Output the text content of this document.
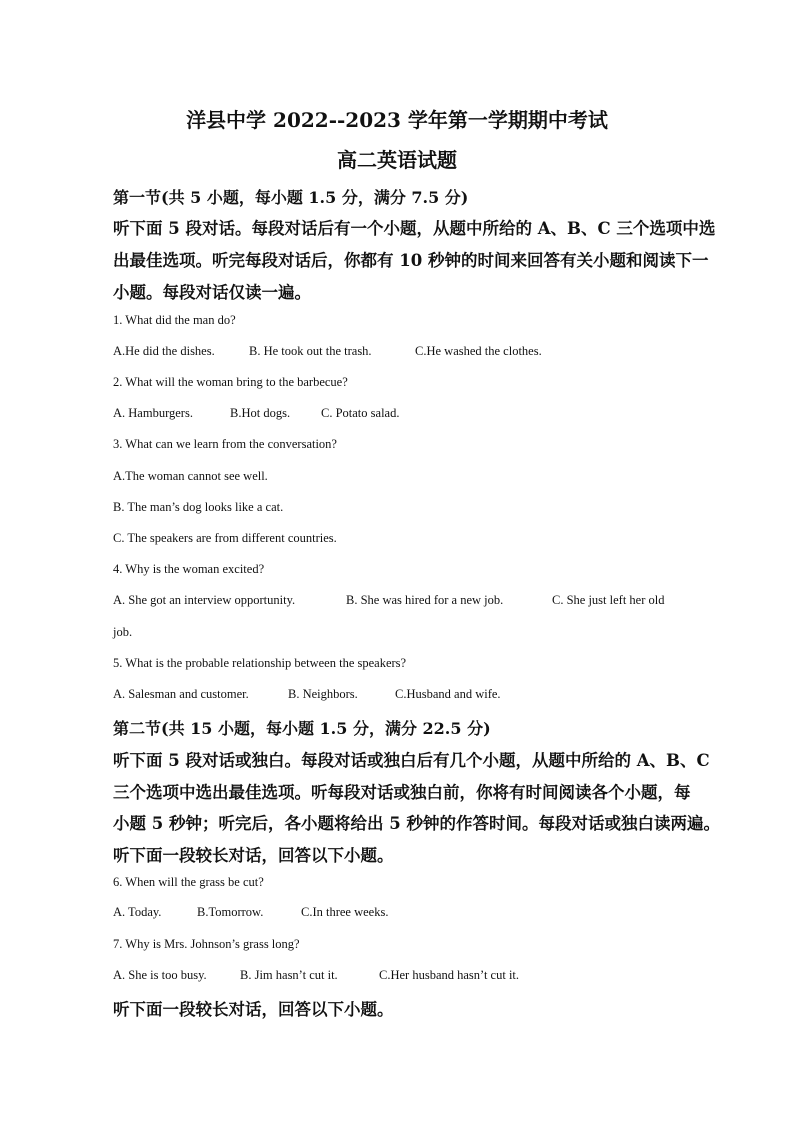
洋县中学 2022--2023 学年第一学期期中考试
高二英语试题
第一节(共 5 小题，每小题 1.5 分，满分 7.5 分)
听下面 5 段对话。每段对话后有一个小题，从题中所给的 A、B、C 三个选项中选
出最佳选项。听完每段对话后，你都有 10 秒钟的时间来回答有关小题和阅读下一
小题。每段对话仅读一遍。
1. What did the man do?
A.He did the dishes.	B. He took out the trash.	C.He washed the clothes.
2. What will the woman bring to the barbecue?
A. Hamburgers.	B.Hot dogs. C. Potato salad.
3. What can we learn from the conversation?
A.The woman cannot see well.
B. The man’s dog looks like a cat.
C. The speakers are from different countries.
4. Why is the woman excited?
A. She got an interview opportunity.	B. She was hired for a new job.	C. She just left her old
job.
5. What is the probable relationship between the speakers?
A. Salesman and customer.	B. Neighbors.	C.Husband and wife.
第二节(共 15 小题，每小题 1.5 分，满分 22.5 分)
听下面 5 段对话或独白。每段对话或独白后有几个小题，从题中所给的 A、B、C
三个选项中选出最佳选项。听每段对话或独白前，你将有时间阅读各个小题，每
小题 5 秒钟；听完后，各小题将给出 5 秒钟的作答时间。每段对话或独白读两遍。
听下面一段较长对话，回答以下小题。
6. When will the grass be cut?
A. Today.	B.Tomorrow.	C.In three weeks.
7. Why is Mrs. Johnson’s grass long?
A. She is too busy.	B. Jim hasn’t cut it.	C.Her husband hasn’t cut it.
听下面一段较长对话，回答以下小题。
